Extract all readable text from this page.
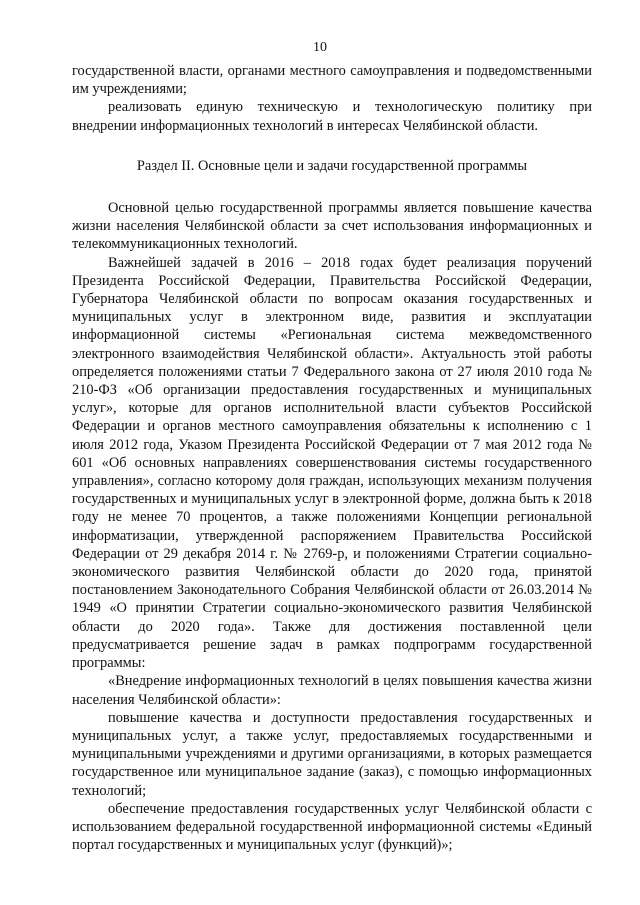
10

государственной власти, органами местного самоуправления и подведомственными им учреждениями;

реализовать единую техническую и технологическую политику при внедрении информационных технологий в интересах Челябинской области.

Раздел II. Основные цели и задачи государственной программы

Основной целью государственной программы является повышение качества жизни населения Челябинской области за счет использования информационных и телекоммуникационных технологий.

Важнейшей задачей в 2016 – 2018 годах будет реализация поручений Президента Российской Федерации, Правительства Российской Федерации, Губернатора Челябинской области по вопросам оказания государственных и муниципальных услуг в электронном виде, развития и эксплуатации информационной системы «Региональная система межведомственного электронного взаимодействия Челябинской области». Актуальность этой работы определяется положениями статьи 7 Федерального закона от 27 июля 2010 года № 210-ФЗ «Об организации предоставления государственных и муниципальных услуг», которые для органов исполнительной власти субъектов Российской Федерации и органов местного самоуправления обязательны к исполнению с 1 июля 2012 года, Указом Президента Российской Федерации от 7 мая 2012 года № 601 «Об основных направлениях совершенствования системы государственного управления», согласно которому доля граждан, использующих механизм получения государственных и муниципальных услуг в электронной форме, должна быть к 2018 году не менее 70 процентов, а также положениями Концепции региональной информатизации, утвержденной распоряжением Правительства Российской Федерации от 29 декабря 2014 г. № 2769-р, и положениями Стратегии социально-экономического развития Челябинской области до 2020 года, принятой постановлением Законодательного Собрания Челябинской области от 26.03.2014 № 1949 «О принятии Стратегии социально-экономического развития Челябинской области до 2020 года». Также для достижения поставленной цели предусматривается решение задач в рамках подпрограмм государственной программы:

«Внедрение информационных технологий в целях повышения качества жизни населения Челябинской области»:

повышение качества и доступности предоставления государственных и муниципальных услуг, а также услуг, предоставляемых государственными и муниципальными учреждениями и другими организациями, в которых размещается государственное или муниципальное задание (заказ), с помощью информационных технологий;

обеспечение предоставления государственных услуг Челябинской области с использованием федеральной государственной информационной системы «Единый портал государственных и муниципальных услуг (функций)»;
